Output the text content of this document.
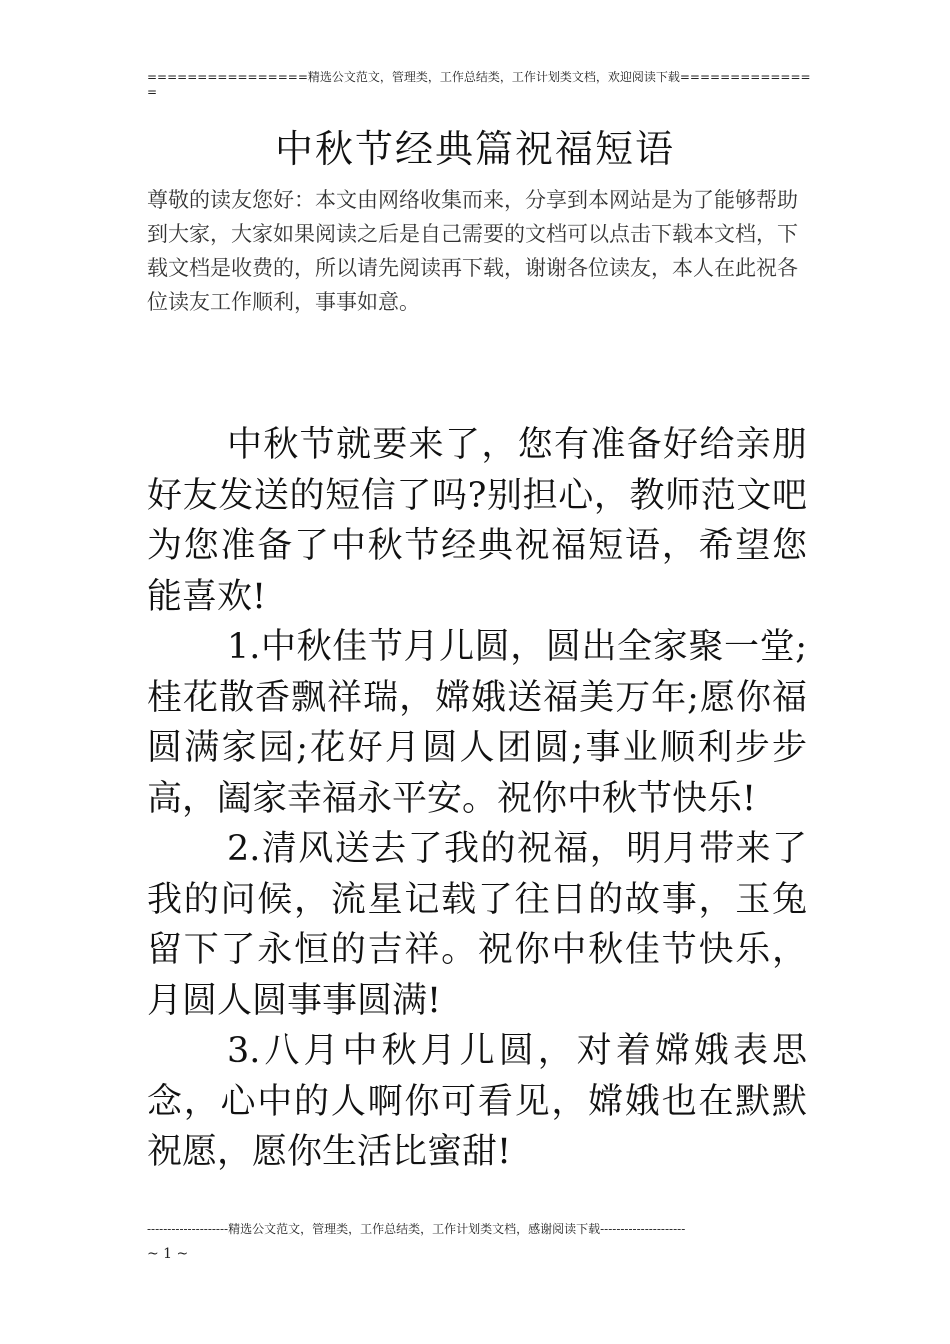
================精选公文范文，管理类，工作总结类，工作计划类文档，欢迎阅读下载==============
中秋节经典篇祝福短语
尊敬的读友您好：本文由网络收集而来，分享到本网站是为了能够帮助到大家，大家如果阅读之后是自己需要的文档可以点击下载本文档，下载文档是收费的，所以请先阅读再下载，谢谢各位读友，本人在此祝各位读友工作顺利，事事如意。

中秋节就要来了，您有准备好给亲朋好友发送的短信了吗?别担心，教师范文吧为您准备了中秋节经典祝福短语，希望您能喜欢!

1.中秋佳节月儿圆，圆出全家聚一堂;桂花散香飘祥瑞，嫦娥送福美万年;愿你福圆满家园;花好月圆人团圆;事业顺利步步高，阖家幸福永平安。祝你中秋节快乐!

2.清风送去了我的祝福，明月带来了我的问候，流星记载了往日的故事，玉兔留下了永恒的吉祥。祝你中秋佳节快乐，月圆人圆事事圆满!

3.八月中秋月儿圆，对着嫦娥表思念，心中的人啊你可看见，嫦娥也在默默祝愿，愿你生活比蜜甜!

--------------------精选公文范文，管理类，工作总结类，工作计划类文档，感谢阅读下载---------------------
~ 1 ~
